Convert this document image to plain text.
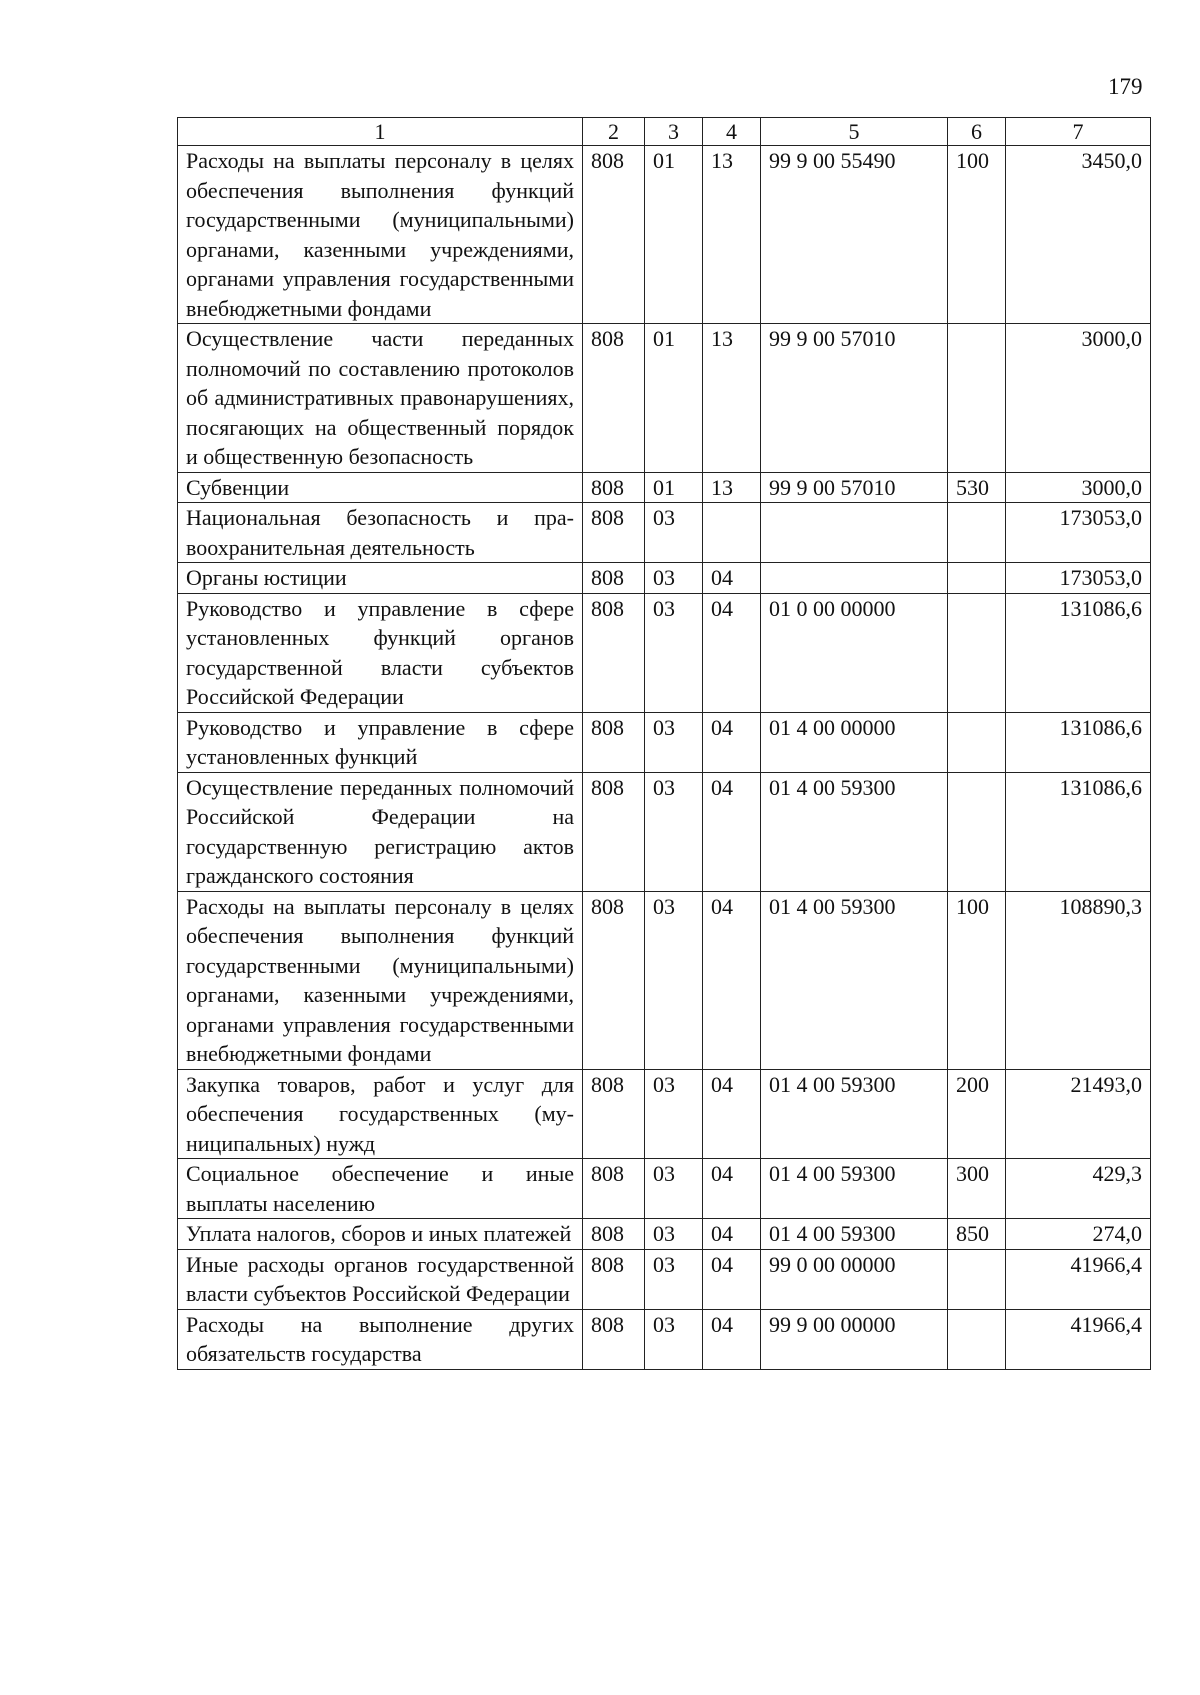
179
1	2	3	4	5	6	7
Расходы на выплаты персоналу в целях обеспечения выполнения функций государственными (муниципальными) органами, казенными учреждениями, органами управления государственными внебюджетными фондами	808	01	13	99 9 00 55490	100	3450,0
Осуществление части переданных полномочий по составлению протоколов об административных правонарушениях, посягающих на общественный порядок и общественную безопасность	808	01	13	99 9 00 57010		3000,0
Субвенции	808	01	13	99 9 00 57010	530	3000,0
Национальная безопасность и правоохранительная деятельность	808	03				173053,0
Органы юстиции	808	03	04			173053,0
Руководство и управление в сфере установленных функций органов государственной власти субъектов Российской Федерации	808	03	04	01 0 00 00000		131086,6
Руководство и управление в сфере установленных функций	808	03	04	01 4 00 00000		131086,6
Осуществление переданных полномочий Российской Федерации на государственную регистрацию актов гражданского состояния	808	03	04	01 4 00 59300		131086,6
Расходы на выплаты персоналу в целях обеспечения выполнения функций государственными (муниципальными) органами, казенными учреждениями, органами управления государственными внебюджетными фондами	808	03	04	01 4 00 59300	100	108890,3
Закупка товаров, работ и услуг для обеспечения государственных (муниципальных) нужд	808	03	04	01 4 00 59300	200	21493,0
Социальное обеспечение и иные выплаты населению	808	03	04	01 4 00 59300	300	429,3
Уплата налогов, сборов и иных платежей	808	03	04	01 4 00 59300	850	274,0
Иные расходы органов государственной власти субъектов Российской Федерации	808	03	04	99 0 00 00000		41966,4
Расходы на выполнение других обязательств государства	808	03	04	99 9 00 00000		41966,4
